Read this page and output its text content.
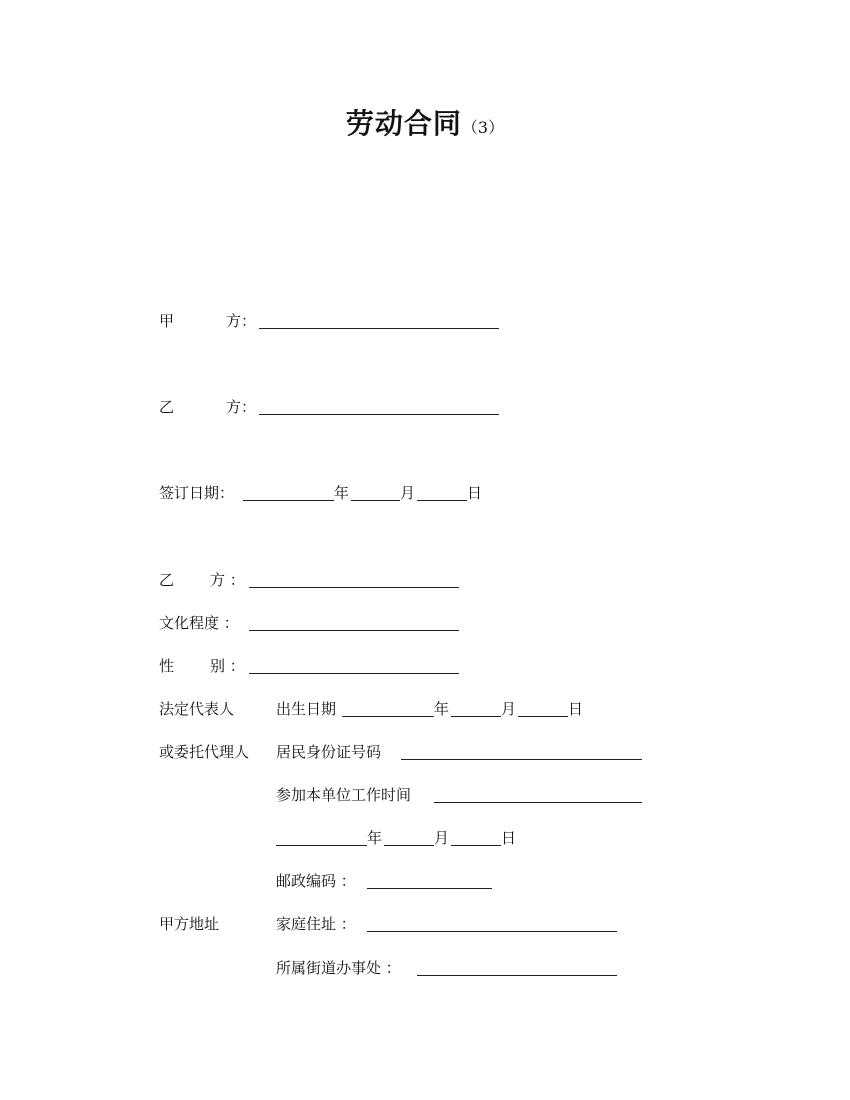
劳动合同（3）
甲	方：
乙	方：
签订日期：	年	月	日
乙 方 ：
文化程度 ：
性 别 ：
法定代表人	出生日期	年	月	日
或委托代理人 居民身份证号码
参加本单位工作时间
年	月	日
邮政编码 ：
甲方地址	家庭住址 ：
所属街道办事处 ：
